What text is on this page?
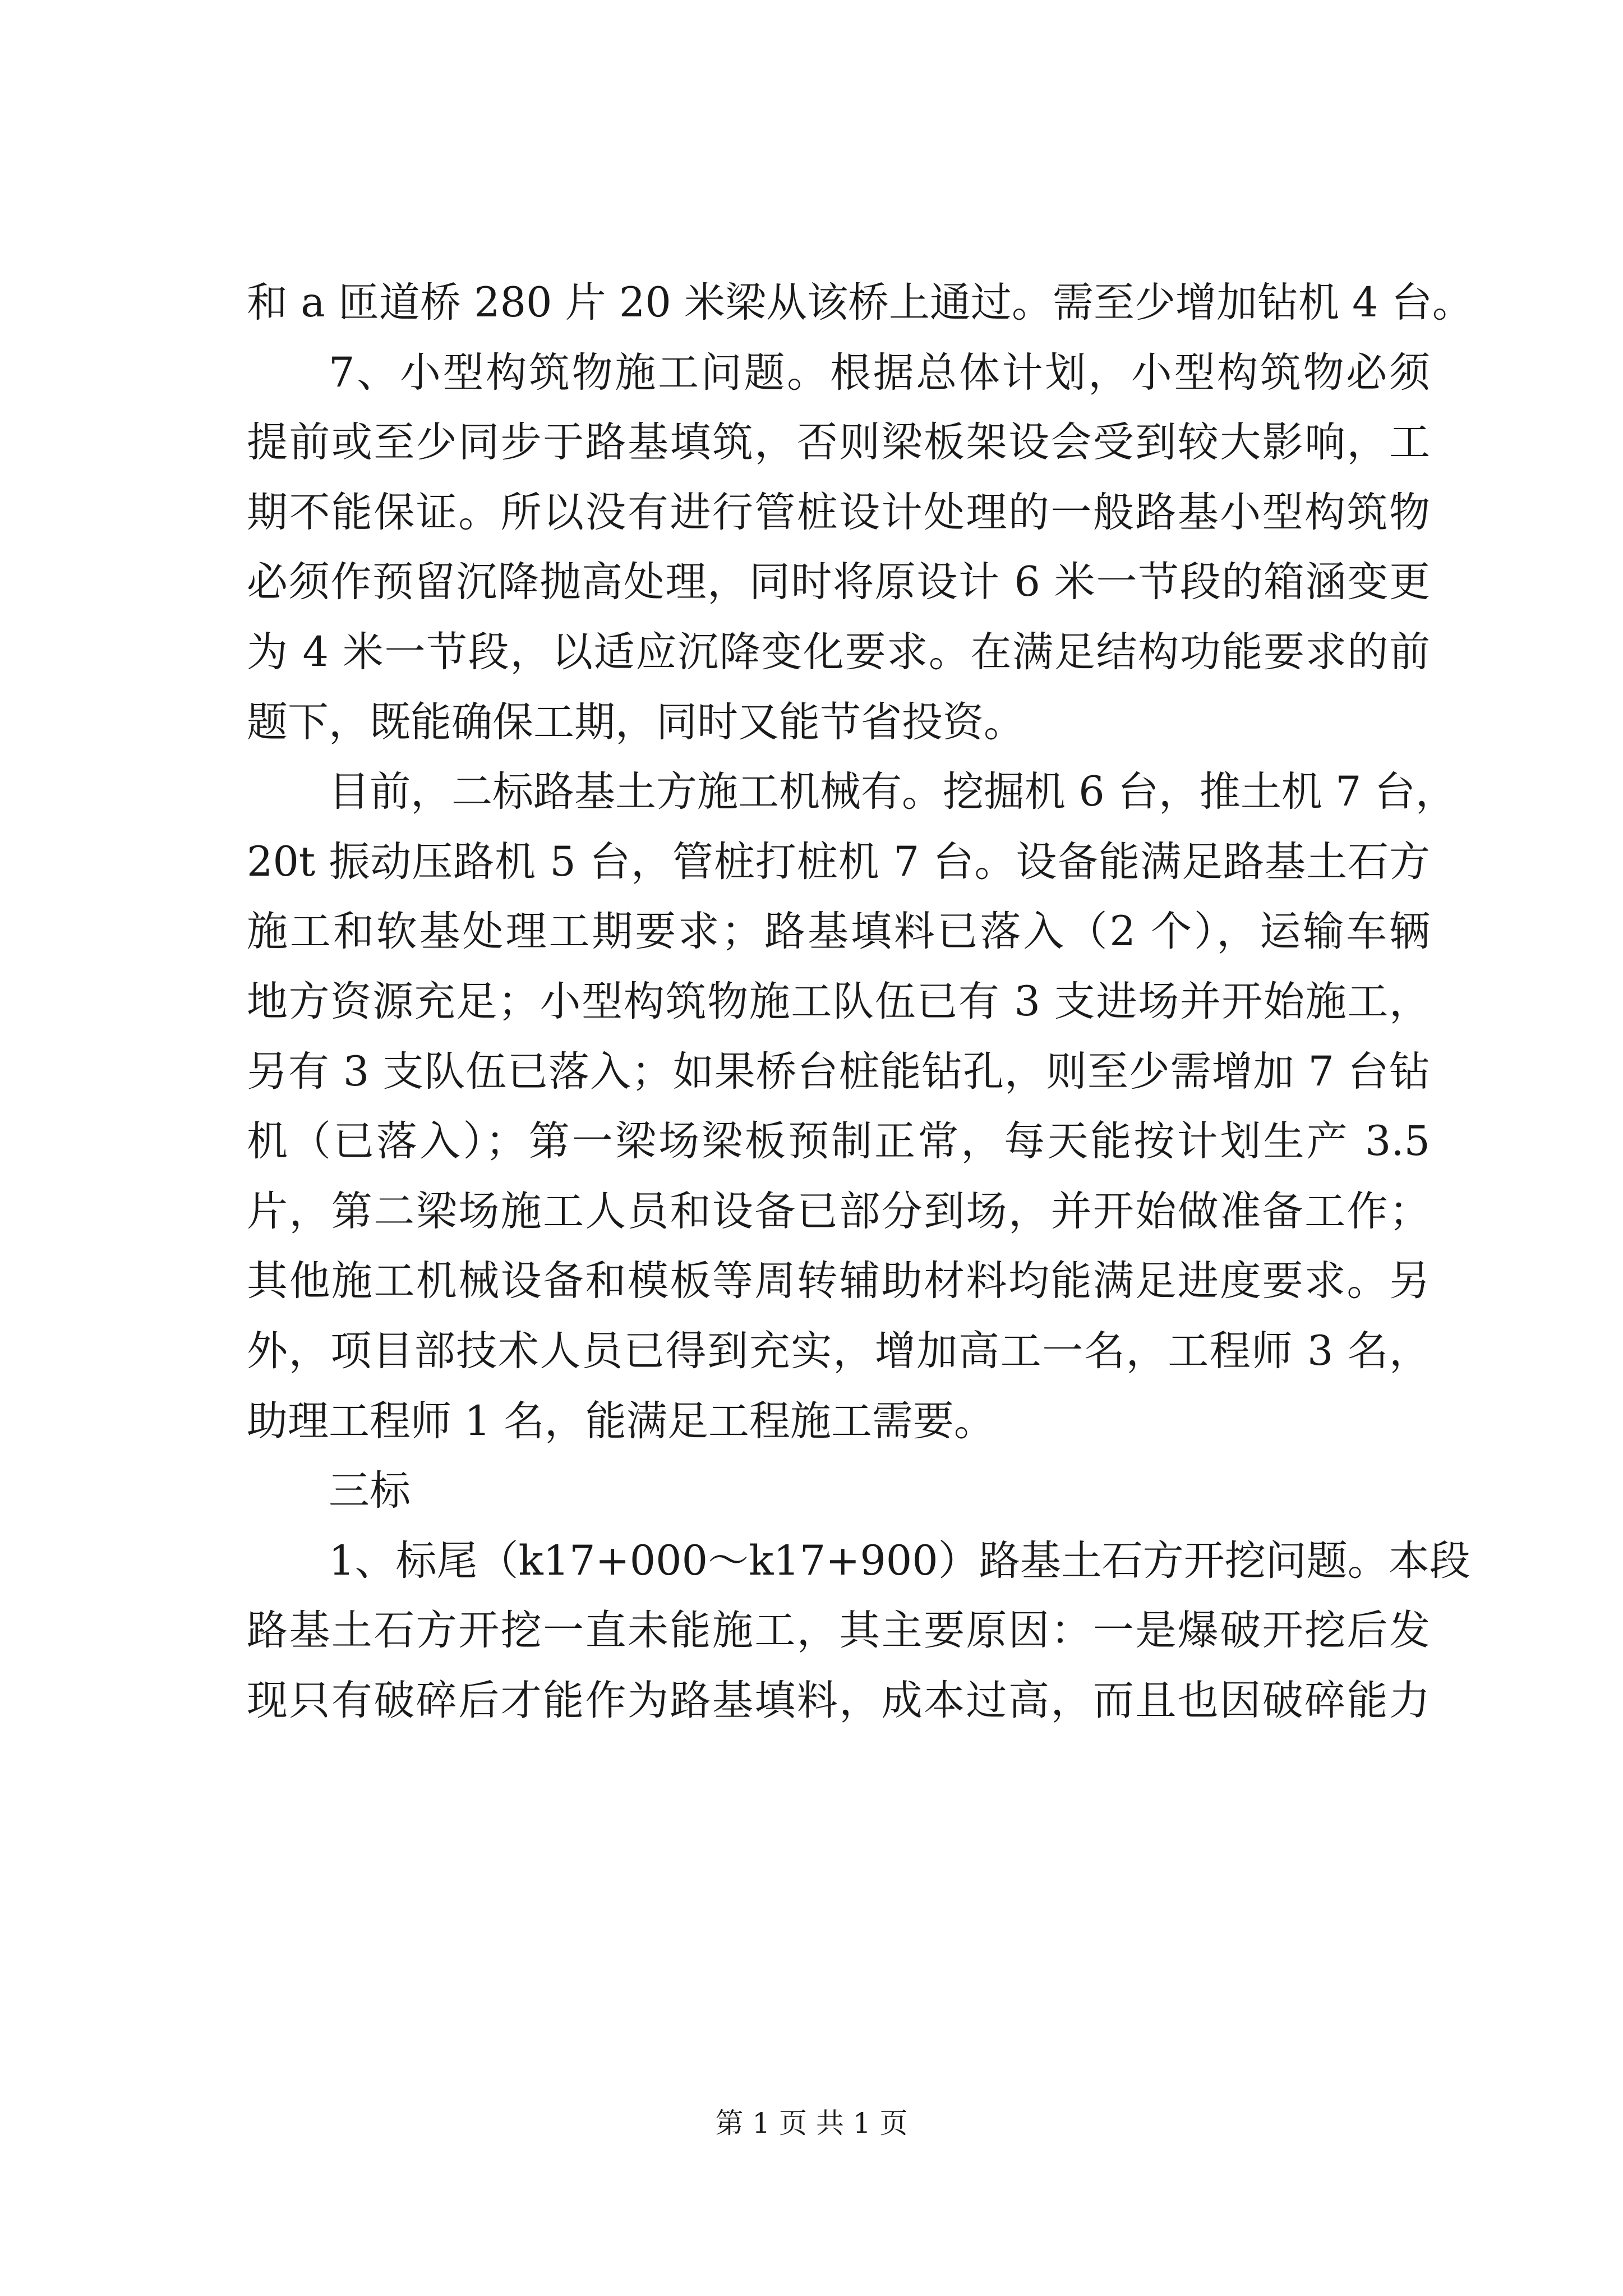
和 a 匝道桥 280 片 20 米梁从该桥上通过。需至少增加钻机 4 台。
7、小型构筑物施工问题。根据总体计划，小型构筑物必须
提前或至少同步于路基填筑，否则梁板架设会受到较大影响，工
期不能保证。所以没有进行管桩设计处理的一般路基小型构筑物
必须作预留沉降抛高处理，同时将原设计 6 米一节段的箱涵变更
为 4 米一节段，以适应沉降变化要求。在满足结构功能要求的前
题下，既能确保工期，同时又能节省投资。
目前，二标路基土方施工机械有。挖掘机 6 台，推土机 7 台，
20t 振动压路机 5 台，管桩打桩机 7 台。设备能满足路基土石方
施工和软基处理工期要求；路基填料已落入（2 个），运输车辆
地方资源充足；小型构筑物施工队伍已有 3 支进场并开始施工，
另有 3 支队伍已落入；如果桥台桩能钻孔，则至少需增加 7 台钻
机（已落入）；第一梁场梁板预制正常，每天能按计划生产 3.5
片，第二梁场施工人员和设备已部分到场，并开始做准备工作；
其他施工机械设备和模板等周转辅助材料均能满足进度要求。另
外，项目部技术人员已得到充实，增加高工一名，工程师 3 名，
助理工程师 1 名，能满足工程施工需要。
三标
1、标尾（k17+000～k17+900）路基土石方开挖问题。本段
路基土石方开挖一直未能施工，其主要原因：一是爆破开挖后发
现只有破碎后才能作为路基填料，成本过高，而且也因破碎能力
第 1 页 共 1 页
